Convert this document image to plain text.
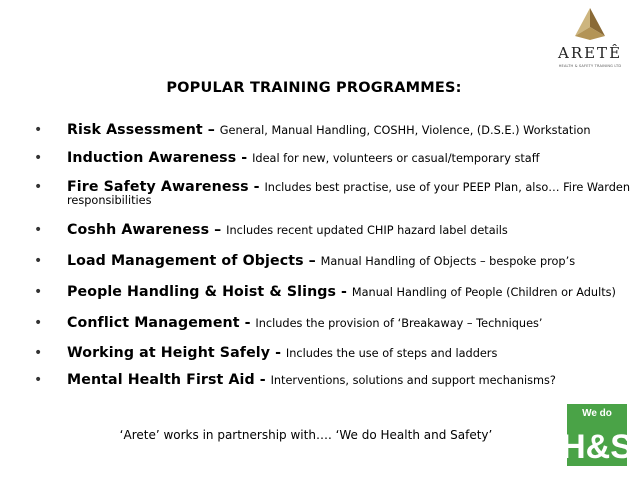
ARETÊ
HEALTH & SAFETY TRAINING LTD
POPULAR TRAINING PROGRAMMES:
• Risk Assessment – General, Manual Handling, COSHH, Violence, (D.S.E.) Workstation
• Induction Awareness - Ideal for new, volunteers or casual/temporary staff
• Fire Safety Awareness - Includes best practise, use of your PEEP Plan, also… Fire Warden
responsibilities
• Coshh Awareness – Includes recent updated CHIP hazard label details
• Load Management of Objects – Manual Handling of Objects – bespoke prop’s
• People Handling & Hoist & Slings - Manual Handling of People (Children or Adults)
• Conflict Management - Includes the provision of ‘Breakaway – Techniques’
• Working at Height Safely - Includes the use of steps and ladders
• Mental Health First Aid - Interventions, solutions and support mechanisms?
‘Arete’ works in partnership with…. ‘We do Health and Safety’
We do
H&S
